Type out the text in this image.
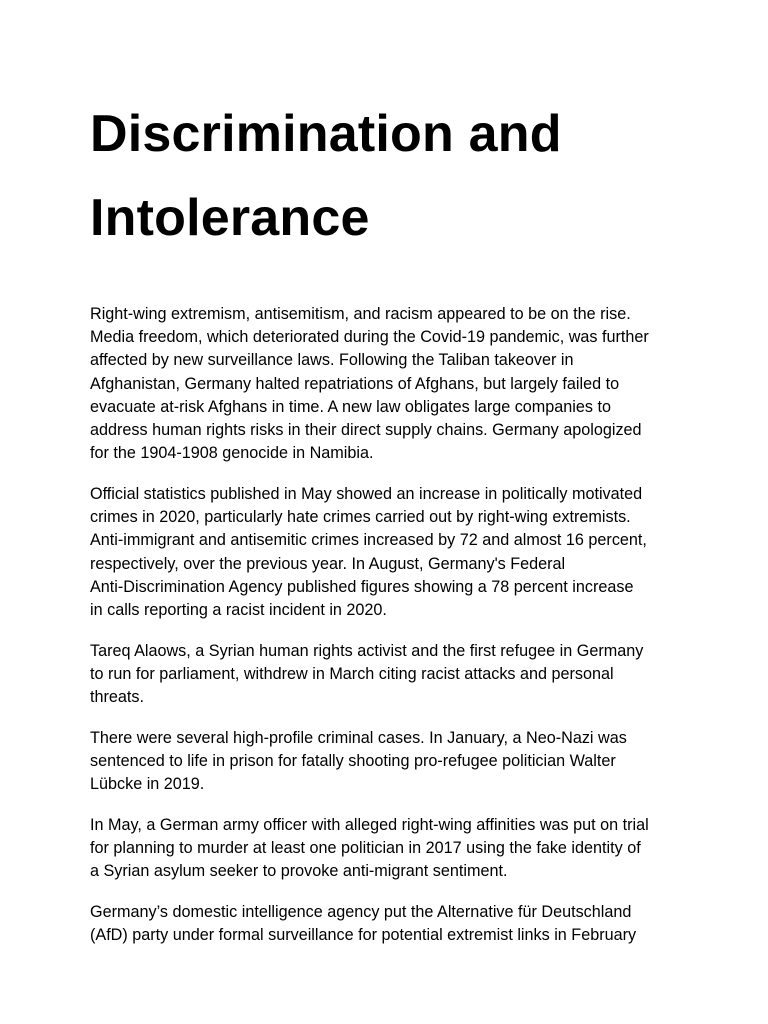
Discrimination and
Intolerance

Right-wing extremism, antisemitism, and racism appeared to be on the rise.
Media freedom, which deteriorated during the Covid-19 pandemic, was further
affected by new surveillance laws. Following the Taliban takeover in
Afghanistan, Germany halted repatriations of Afghans, but largely failed to
evacuate at-risk Afghans in time. A new law obligates large companies to
address human rights risks in their direct supply chains. Germany apologized
for the 1904-1908 genocide in Namibia.

Official statistics published in May showed an increase in politically motivated
crimes in 2020, particularly hate crimes carried out by right-wing extremists.
Anti-immigrant and antisemitic crimes increased by 72 and almost 16 percent,
respectively, over the previous year. In August, Germany's Federal
Anti-Discrimination Agency published figures showing a 78 percent increase
in calls reporting a racist incident in 2020.

Tareq Alaows, a Syrian human rights activist and the first refugee in Germany
to run for parliament, withdrew in March citing racist attacks and personal
threats.

There were several high-profile criminal cases. In January, a Neo-Nazi was
sentenced to life in prison for fatally shooting pro-refugee politician Walter
Lübcke in 2019.

In May, a German army officer with alleged right-wing affinities was put on trial
for planning to murder at least one politician in 2017 using the fake identity of
a Syrian asylum seeker to provoke anti-migrant sentiment.

Germany’s domestic intelligence agency put the Alternative für Deutschland
(AfD) party under formal surveillance for potential extremist links in February
